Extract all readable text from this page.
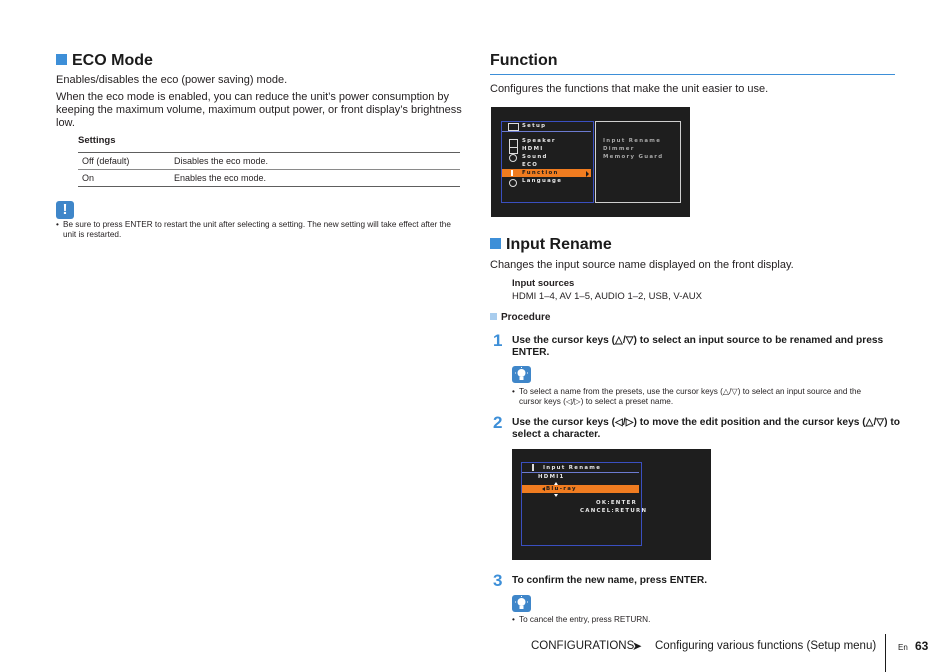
ECO Mode
Enables/disables the eco (power saving) mode.
When the eco mode is enabled, you can reduce the unit’s power consumption by
keeping the maximum volume, maximum output power, or front display’s brightness
low.
Settings
Off (default)	Disables the eco mode.
On	Enables the eco mode.
!
• Be sure to press ENTER to restart the unit after selecting a setting. The new setting will take effect after the
unit is restarted.
Function
Configures the functions that make the unit easier to use.
Setup
Speaker
HDMI
Sound
ECO
Function
Language
Input Rename
Dimmer
Memory Guard
Input Rename
Changes the input source name displayed on the front display.
Input sources
HDMI 1–4, AV 1–5, AUDIO 1–2, USB, V-AUX
Procedure
1 Use the cursor keys (△/▽) to select an input source to be renamed and press
ENTER.
• To select a name from the presets, use the cursor keys (△/▽) to select an input source and the
cursor keys (◁/▷) to select a preset name.
2 Use the cursor keys (◁/▷) to move the edit position and the cursor keys (△/▽) to
select a character.
Input Rename
HDMI1
Blu-ray
OK:ENTER
CANCEL:RETURN
3 To confirm the new name, press ENTER.
• To cancel the entry, press RETURN.
CONFIGURATIONS
➤ Configuring various functions (Setup menu)	En 63
